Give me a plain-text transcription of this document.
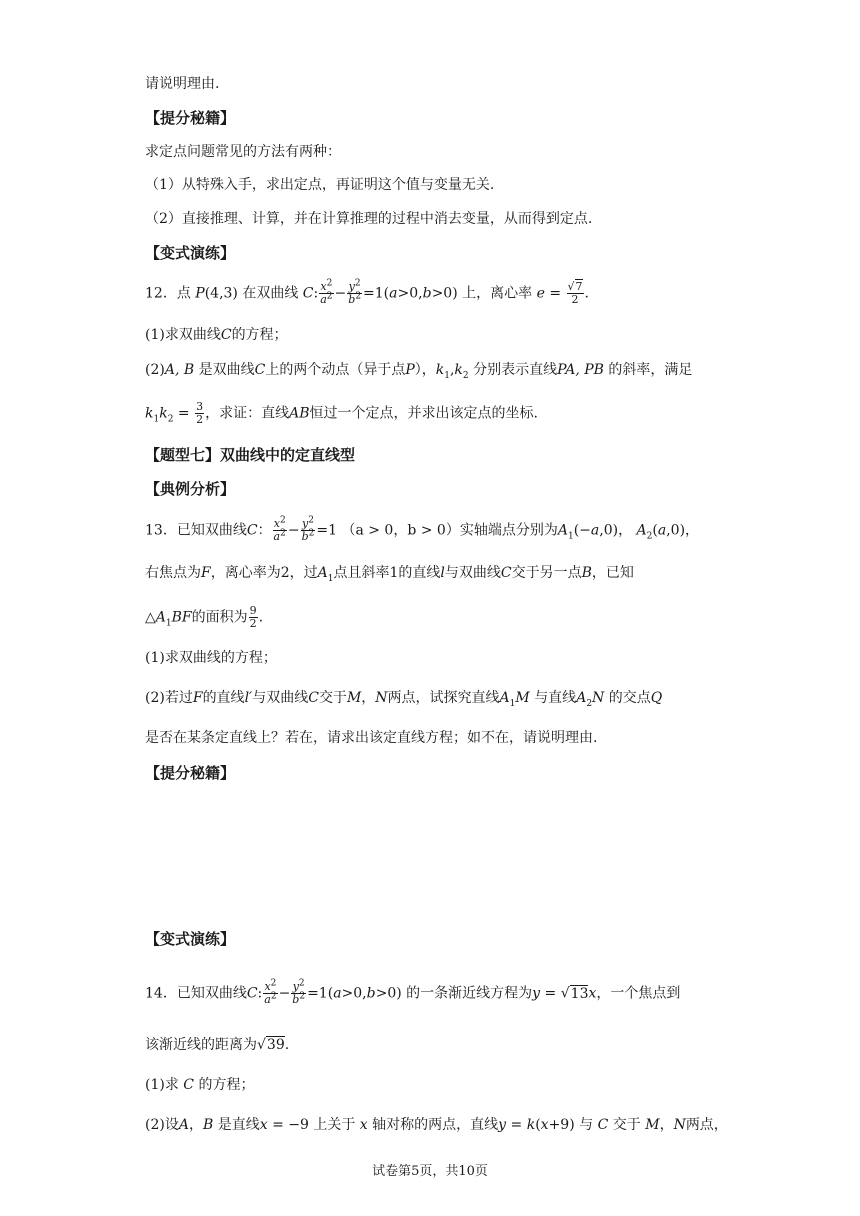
请说明理由.
【提分秘籍】
求定点问题常见的方法有两种：
（1）从特殊入手，求出定点，再证明这个值与变量无关.
（2）直接推理、计算，并在计算推理的过程中消去变量，从而得到定点.
【变式演练】
12．点 P(4,3) 在双曲线 C: $\frac{x^2}{a^2} - \frac{y^2}{b^2} =1(a>0,b>0)$ 上，离心率 $e = \frac{√7}{2}$ .
(1)求双曲线C的方程；
(2)A, B 是双曲线C上的两个动点（异于点P），$k_1,k_2$ 分别表示直线PA, PB 的斜率，满足
$k_1k_2 = \frac{3}{2}$ ，求证：直线AB恒过一个定点，并求出该定点的坐标.
【题型七】双曲线中的定直线型
【典例分析】
13．已知双曲线C： $\frac{x^2}{a^2} - \frac{y^2}{b^2} =1$ （a > 0，b > 0）实轴端点分别为$A_1(-a,0)$， $A_2(a,0)$，
右焦点为F，离心率为2，过$A_1$点且斜率1的直线l与双曲线C交于另一点B，已知
$\triangle A_1BF$的面积为 $\frac{9}{2}$ .
(1)求双曲线的方程；
(2)若过F的直线l′与双曲线C交于M，N两点，试探究直线$A_1M$ 与直线$A_2N$ 的交点Q
是否在某条定直线上？若在，请求出该定直线方程；如不在，请说明理由.
【提分秘籍】
【变式演练】
14．已知双曲线C: $\frac{x^2}{a^2} - \frac{y^2}{b^2} =1(a>0,b>0)$ 的一条渐近线方程为y = √13x，一个焦点到
该渐近线的距离为√39.
(1)求 C 的方程；
(2)设A，B 是直线x = −9 上关于 x 轴对称的两点，直线y = k(x+9) 与 C 交于 M，N两点，
试卷第5页，共10页
